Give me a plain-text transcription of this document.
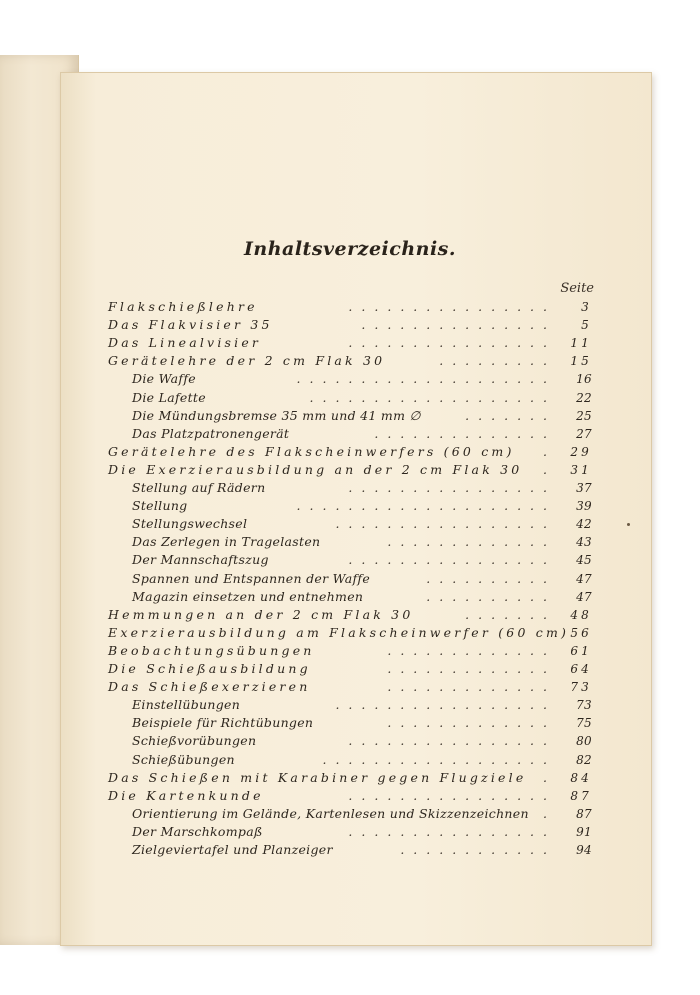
Inhaltsverzeichnis.
Seite
Flakschießlehre	................	3
Das Flakvisier 35	...............	5
Das Linealvisier	................	11
Gerätelehre der 2 cm Flak 30	.........	15
Die Waffe	....................	16
Die Lafette	...................	22
Die Mündungsbremse 35 mm und 41 mm ∅	.......	25
Das Platzpatronengerät	..............	27
Gerätelehre des Flakscheinwerfers (60 cm)	.	29
Die Exerzierausbildung an der 2 cm Flak 30	.	31
Stellung auf Rädern	................	37
Stellung	....................	39
Stellungswechsel	.................	42
Das Zerlegen in Tragelasten	.............	43
Der Mannschaftszug	................	45
Spannen und Entspannen der Waffe	..........	47
Magazin einsetzen und entnehmen	..........	47
Hemmungen an der 2 cm Flak 30	.......	48
Exerzierausbildung am Flakscheinwerfer (60 cm) 56
Beobachtungsübungen	.............	61
Die Schießausbildung	.............	64
Das Schießexerzieren	.............	73
Einstellübungen	.................	73
Beispiele für Richtübungen	.............	75
Schießvorübungen	................	80
Schießübungen	..................	82
Das Schießen mit Karabiner gegen Flugziele	.	84
Die Kartenkunde	................	87
Orientierung im Gelände, Kartenlesen und Skizzenzeichnen .	87
Der Marschkompaß	................	91
Zielgeviertafel und Planzeiger	............	94
